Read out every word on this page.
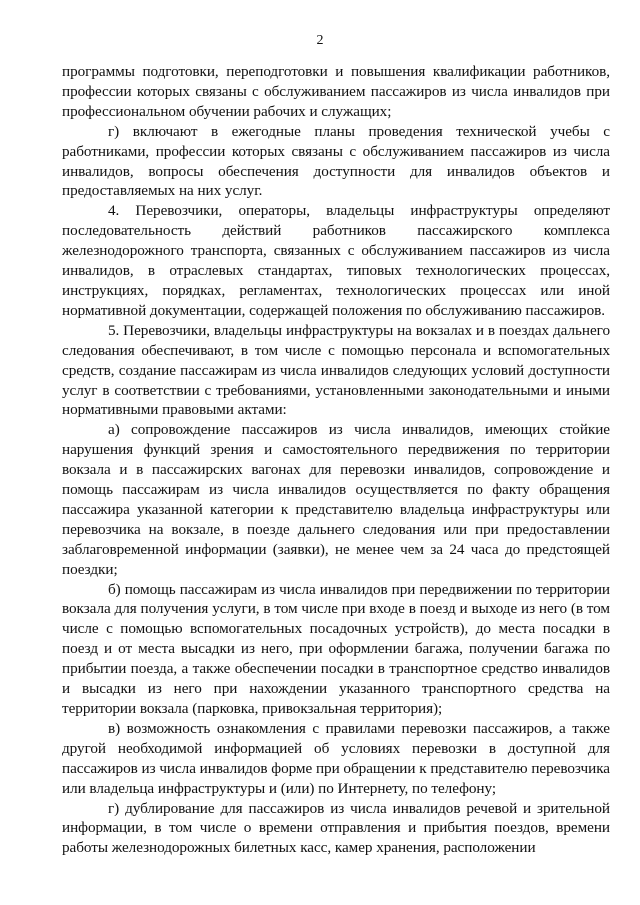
2

программы подготовки, переподготовки и повышения квалификации работников, профессии которых связаны с обслуживанием пассажиров из числа инвалидов при профессиональном обучении рабочих и служащих;

г) включают в ежегодные планы проведения технической учебы с работниками, профессии которых связаны с обслуживанием пассажиров из числа инвалидов, вопросы обеспечения доступности для инвалидов объектов и предоставляемых на них услуг.

4. Перевозчики, операторы, владельцы инфраструктуры определяют последовательность действий работников пассажирского комплекса железнодорожного транспорта, связанных с обслуживанием пассажиров из числа инвалидов, в отраслевых стандартах, типовых технологических процессах, инструкциях, порядках, регламентах, технологических процессах или иной нормативной документации, содержащей положения по обслуживанию пассажиров.

5. Перевозчики, владельцы инфраструктуры на вокзалах и в поездах дальнего следования обеспечивают, в том числе с помощью персонала и вспомогательных средств, создание пассажирам из числа инвалидов следующих условий доступности услуг в соответствии с требованиями, установленными законодательными и иными нормативными правовыми актами:

а) сопровождение пассажиров из числа инвалидов, имеющих стойкие нарушения функций зрения и самостоятельного передвижения по территории вокзала и в пассажирских вагонах для перевозки инвалидов, сопровождение и помощь пассажирам из числа инвалидов осуществляется по факту обращения пассажира указанной категории к представителю владельца инфраструктуры или перевозчика на вокзале, в поезде дальнего следования или при предоставлении заблаговременной информации (заявки), не менее чем за 24 часа до предстоящей поездки;

б) помощь пассажирам из числа инвалидов при передвижении по территории вокзала для получения услуги, в том числе при входе в поезд и выходе из него (в том числе с помощью вспомогательных посадочных устройств), до места посадки в поезд и от места высадки из него, при оформлении багажа, получении багажа по прибытии поезда, а также обеспечении посадки в транспортное средство инвалидов и высадки из него при нахождении указанного транспортного средства на территории вокзала (парковка, привокзальная территория);

в) возможность ознакомления с правилами перевозки пассажиров, а также другой необходимой информацией об условиях перевозки в доступной для пассажиров из числа инвалидов форме при обращении к представителю перевозчика или владельца инфраструктуры и (или) по Интернету, по телефону;

г) дублирование для пассажиров из числа инвалидов речевой и зрительной информации, в том числе о времени отправления и прибытия поездов, времени работы железнодорожных билетных касс, камер хранения, расположении
